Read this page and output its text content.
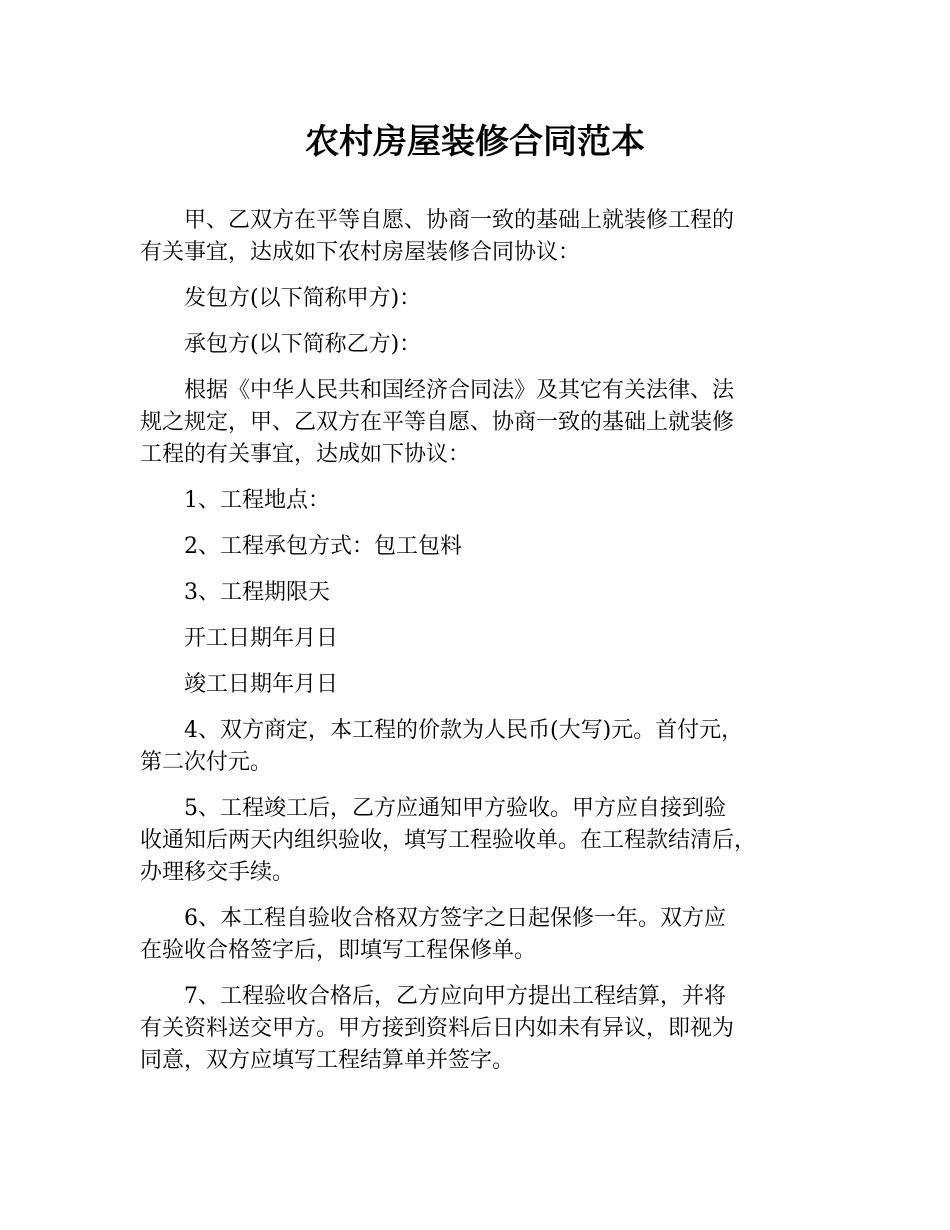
农村房屋装修合同范本
甲、乙双方在平等自愿、协商一致的基础上就装修工程的
有关事宜，达成如下农村房屋装修合同协议：
发包方(以下简称甲方)：
承包方(以下简称乙方)：
根据《中华人民共和国经济合同法》及其它有关法律、法
规之规定，甲、乙双方在平等自愿、协商一致的基础上就装修
工程的有关事宜，达成如下协议：
1、工程地点：
2、工程承包方式：包工包料
3、工程期限天
开工日期年月日
竣工日期年月日
4、双方商定，本工程的价款为人民币(大写)元。首付元，
第二次付元。
5、工程竣工后，乙方应通知甲方验收。甲方应自接到验
收通知后两天内组织验收，填写工程验收单。在工程款结清后，
办理移交手续。
6、本工程自验收合格双方签字之日起保修一年。双方应
在验收合格签字后，即填写工程保修单。
7、工程验收合格后，乙方应向甲方提出工程结算，并将
有关资料送交甲方。甲方接到资料后日内如未有异议，即视为
同意，双方应填写工程结算单并签字。
